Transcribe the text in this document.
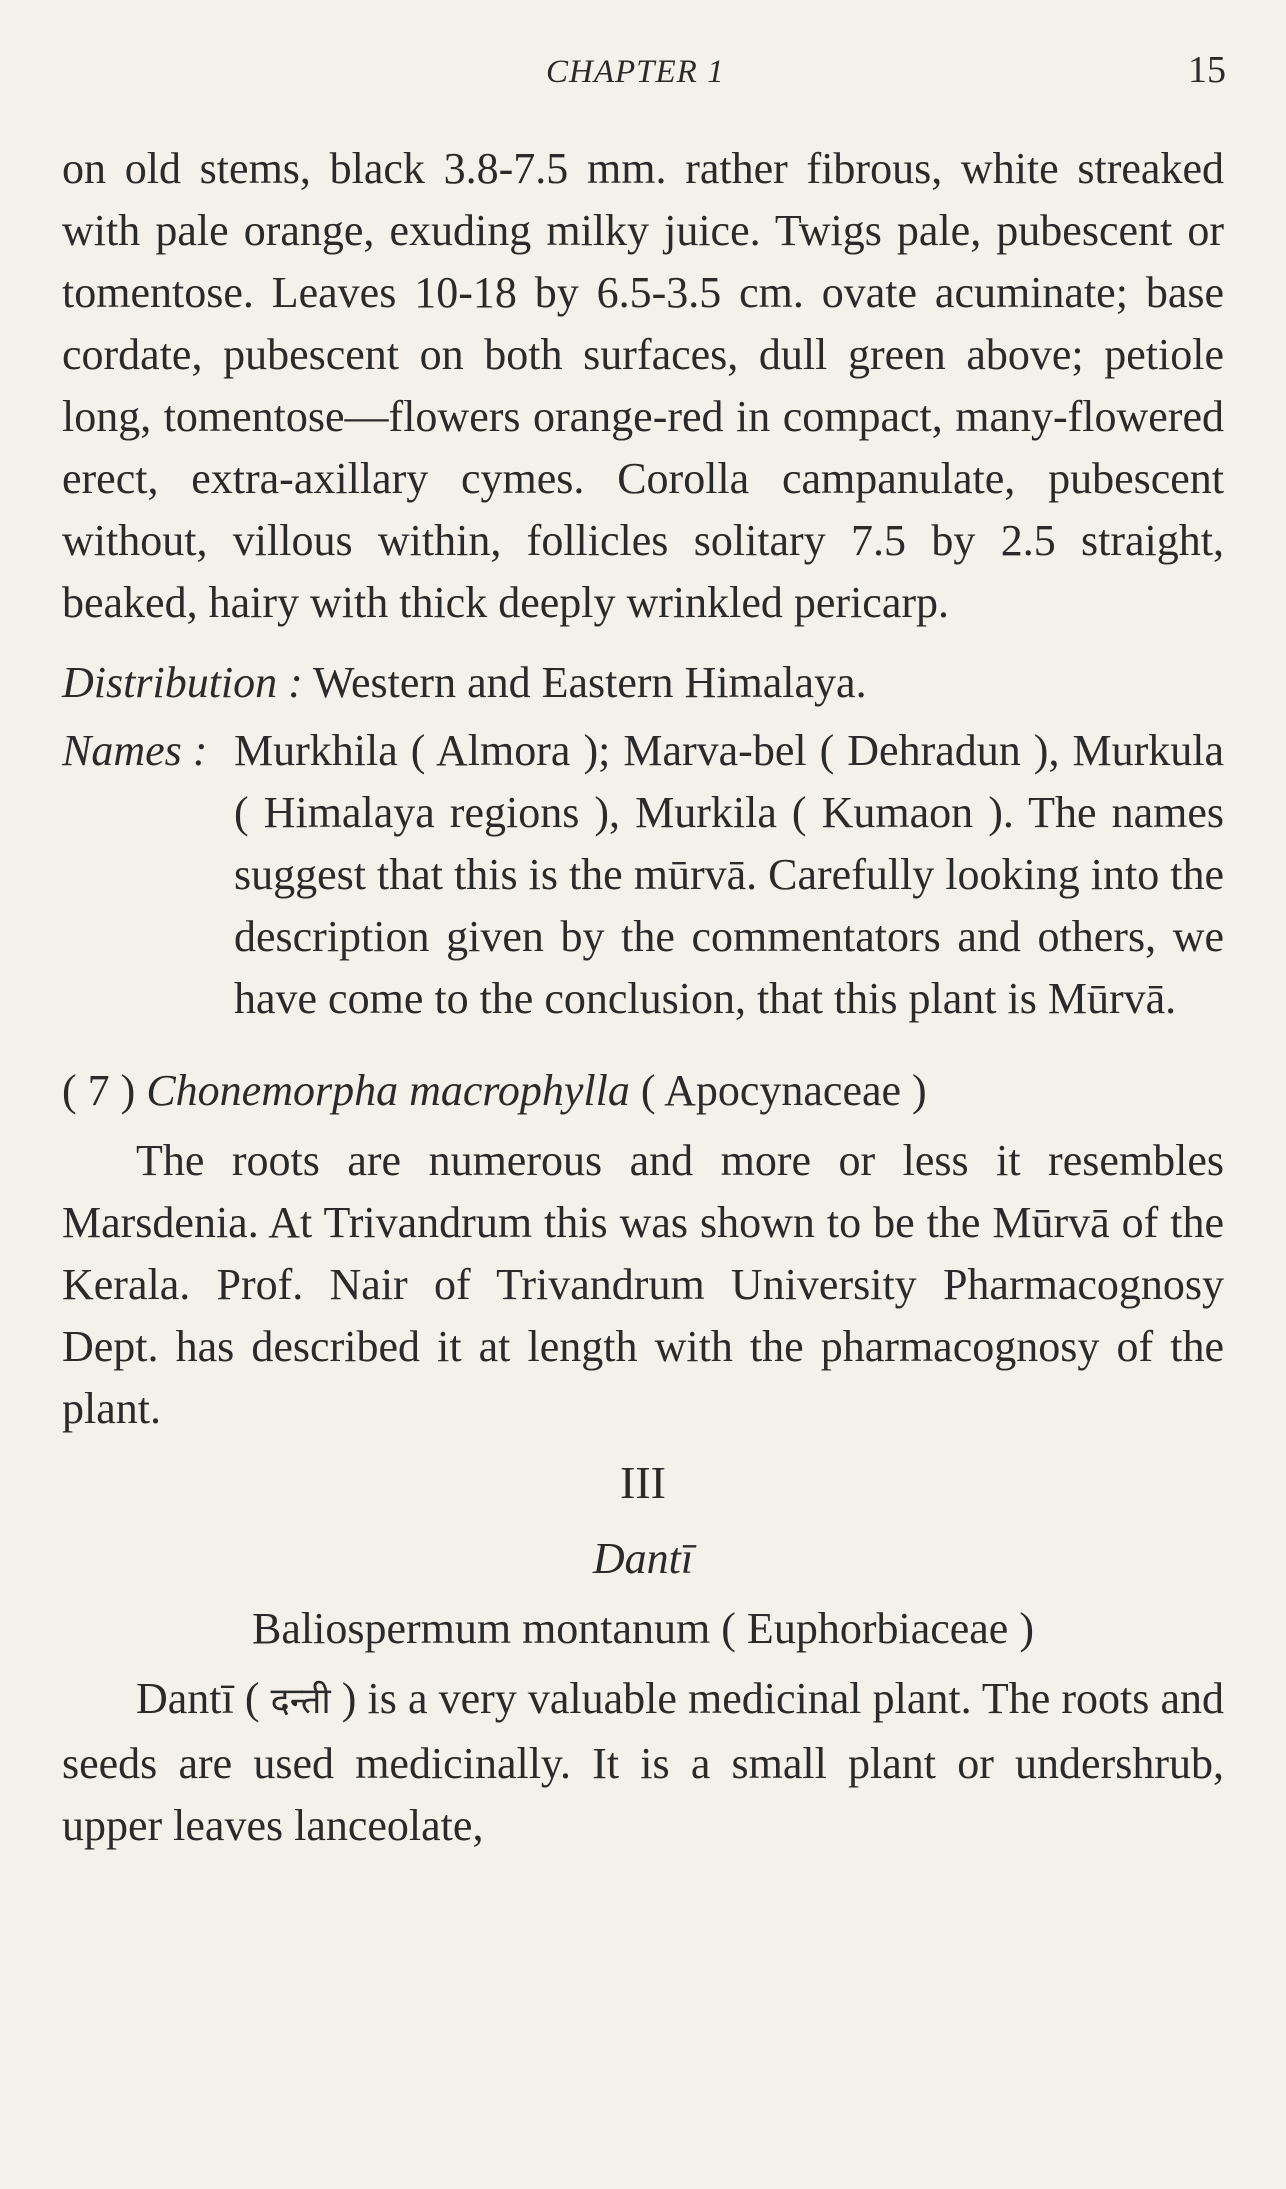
CHAPTER 1	15

on old stems, black 3.8-7.5 mm. rather fibrous, white streaked with pale orange, exuding milky juice. Twigs pale, pubescent or tomentose. Leaves 10-18 by 6.5-3.5 cm. ovate acuminate; base cordate, pubescent on both surfaces, dull green above; petiole long, tomentose—flowers orange-red in compact, many-flowered erect, extra-axillary cymes. Corolla campanulate, pubescent without, villous within, follicles solitary 7.5 by 2.5 straight, beaked, hairy with thick deeply wrinkled pericarp.

Distribution : Western and Eastern Himalaya.

Names : Murkhila ( Almora ); Marva-bel ( Dehradun ), Murkula ( Himalaya regions ), Murkila ( Kumaon ). The names suggest that this is the mūrvā. Carefully looking into the description given by the commentators and others, we have come to the conclusion, that this plant is Mūrvā.

( 7 ) Chonemorpha macrophylla ( Apocynaceae )

The roots are numerous and more or less it resembles Marsdenia. At Trivandrum this was shown to be the Mūrvā of the Kerala. Prof. Nair of Trivandrum University Pharmacognosy Dept. has described it at length with the pharmacognosy of the plant.

III

Dantī

Baliospermum montanum ( Euphorbiaceae )

Dantī ( दन्ती ) is a very valuable medicinal plant. The roots and seeds are used medicinally. It is a small plant or undershrub, upper leaves lanceolate,
